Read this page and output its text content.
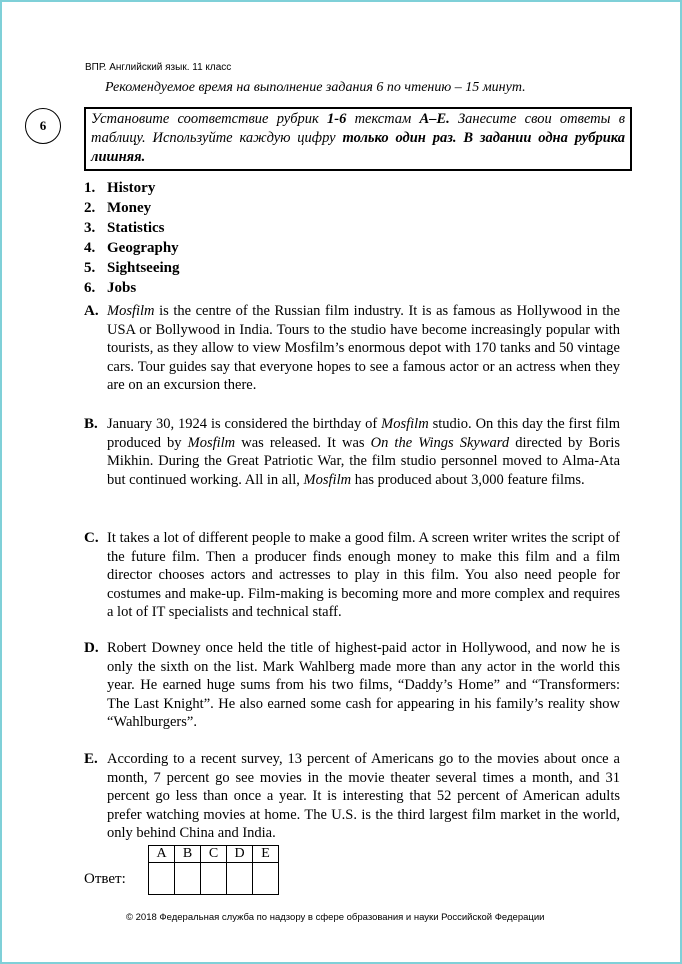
ВПР. Английский язык. 11 класс
Рекомендуемое время на выполнение задания 6 по чтению – 15 минут.
6	Установите соответствие рубрик 1-6 текстам А–Е. Занесите свои ответы в таблицу. Используйте каждую цифру только один раз. В задании одна рубрика лишняя.
1. History
2. Money
3. Statistics
4. Geography
5. Sightseeing
6. Jobs
A. Mosfilm is the centre of the Russian film industry. It is as famous as Hollywood in the USA or Bollywood in India. Tours to the studio have become increasingly popular with tourists, as they allow to view Mosfilm’s enormous depot with 170 tanks and 50 vintage cars. Tour guides say that everyone hopes to see a famous actor or an actress when they are on an excursion there.
B. January 30, 1924 is considered the birthday of Mosfilm studio. On this day the first film produced by Mosfilm was released. It was On the Wings Skyward directed by Boris Mikhin. During the Great Patriotic War, the film studio personnel moved to Alma-Ata but continued working. All in all, Mosfilm has produced about 3,000 feature films.
C. It takes a lot of different people to make a good film. A screen writer writes the script of the future film. Then a producer finds enough money to make this film and a film director chooses actors and actresses to play in this film. You also need people for costumes and make-up. Film-making is becoming more and more complex and requires a lot of IT specialists and technical staff.
D. Robert Downey once held the title of highest-paid actor in Hollywood, and now he is only the sixth on the list. Mark Wahlberg made more than any actor in the world this year. He earned huge sums from his two films, “Daddy’s Home” and “Transformers: The Last Knight”. He also earned some cash for appearing in his family’s reality show “Wahlburgers”.
E. According to a recent survey, 13 percent of Americans go to the movies about once a month, 7 percent go see movies in the movie theater several times a month, and 31 percent go less than once a year. It is interesting that 52 percent of American adults prefer watching movies at home. The U.S. is the third largest film market in the world, only behind China and India.
Ответ:
A	B	C	D	E

© 2018 Федеральная служба по надзору в сфере образования и науки Российской Федерации
